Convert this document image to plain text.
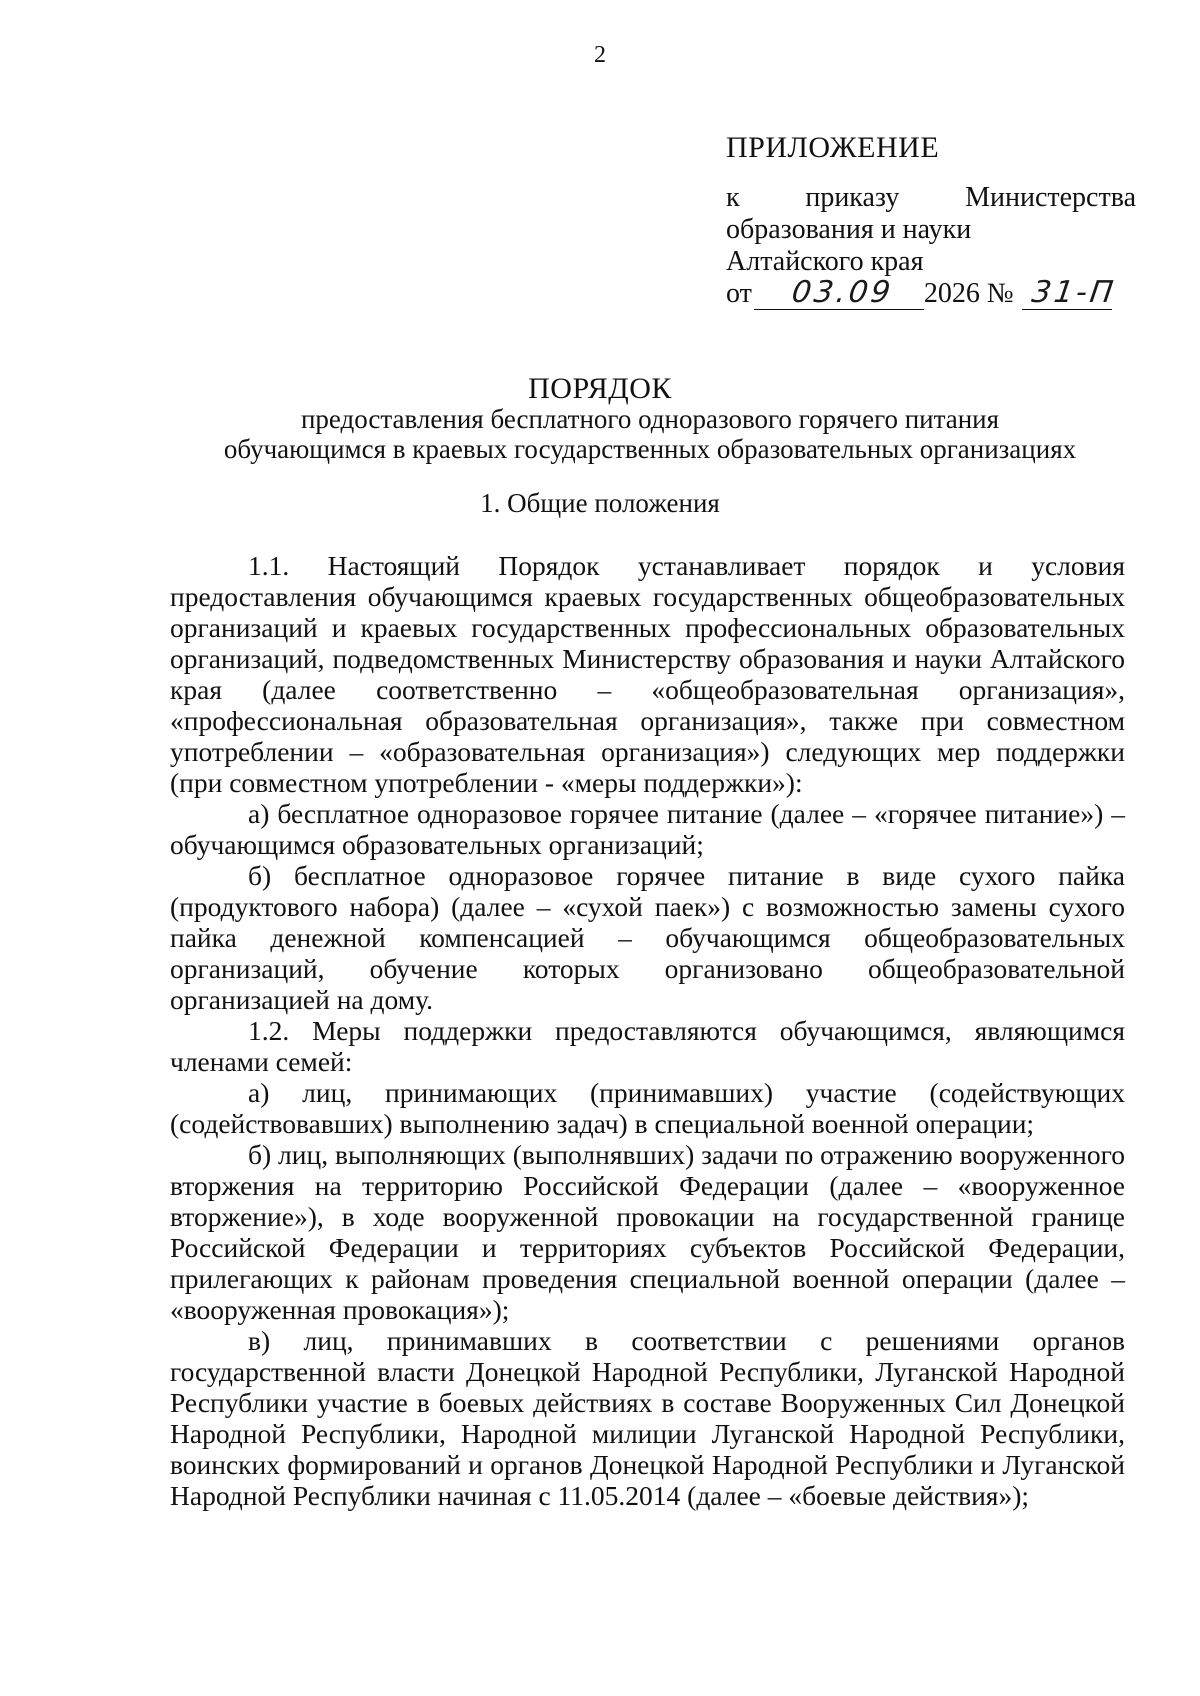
2
ПРИЛОЖЕНИЕ
к приказу Министерства
образования и науки
Алтайского края
от 03.09 2026 № 31-П
ПОРЯДОК
предоставления бесплатного одноразового горячего питания
обучающимся в краевых государственных образовательных организациях
1. Общие положения

1.1. Настоящий Порядок устанавливает порядок и условия предоставления обучающимся краевых государственных общеобразовательных организаций и краевых государственных профессиональных образовательных организаций, подведомственных Министерству образования и науки Алтайского края (далее соответственно – «общеобразовательная организация», «профессиональная образовательная организация», также при совместном употреблении – «образовательная организация») следующих мер поддержки (при совместном употреблении - «меры поддержки»):

а) бесплатное одноразовое горячее питание (далее – «горячее питание») – обучающимся образовательных организаций;

б) бесплатное одноразовое горячее питание в виде сухого пайка (продуктового набора) (далее – «сухой паек») с возможностью замены сухого пайка денежной компенсацией – обучающимся общеобразовательных организаций, обучение которых организовано общеобразовательной организацией на дому.

1.2. Меры поддержки предоставляются обучающимся, являющимся членами семей:

а) лиц, принимающих (принимавших) участие (содействующих (содействовавших) выполнению задач) в специальной военной операции;

б) лиц, выполняющих (выполнявших) задачи по отражению вооруженного вторжения на территорию Российской Федерации (далее – «вооруженное вторжение»), в ходе вооруженной провокации на государственной границе Российской Федерации и территориях субъектов Российской Федерации, прилегающих к районам проведения специальной военной операции (далее – «вооруженная провокация»);

в) лиц, принимавших в соответствии с решениями органов государственной власти Донецкой Народной Республики, Луганской Народной Республики участие в боевых действиях в составе Вооруженных Сил Донецкой Народной Республики, Народной милиции Луганской Народной Республики, воинских формирований и органов Донецкой Народной Республики и Луганской Народной Республики начиная с 11.05.2014 (далее – «боевые действия»);
